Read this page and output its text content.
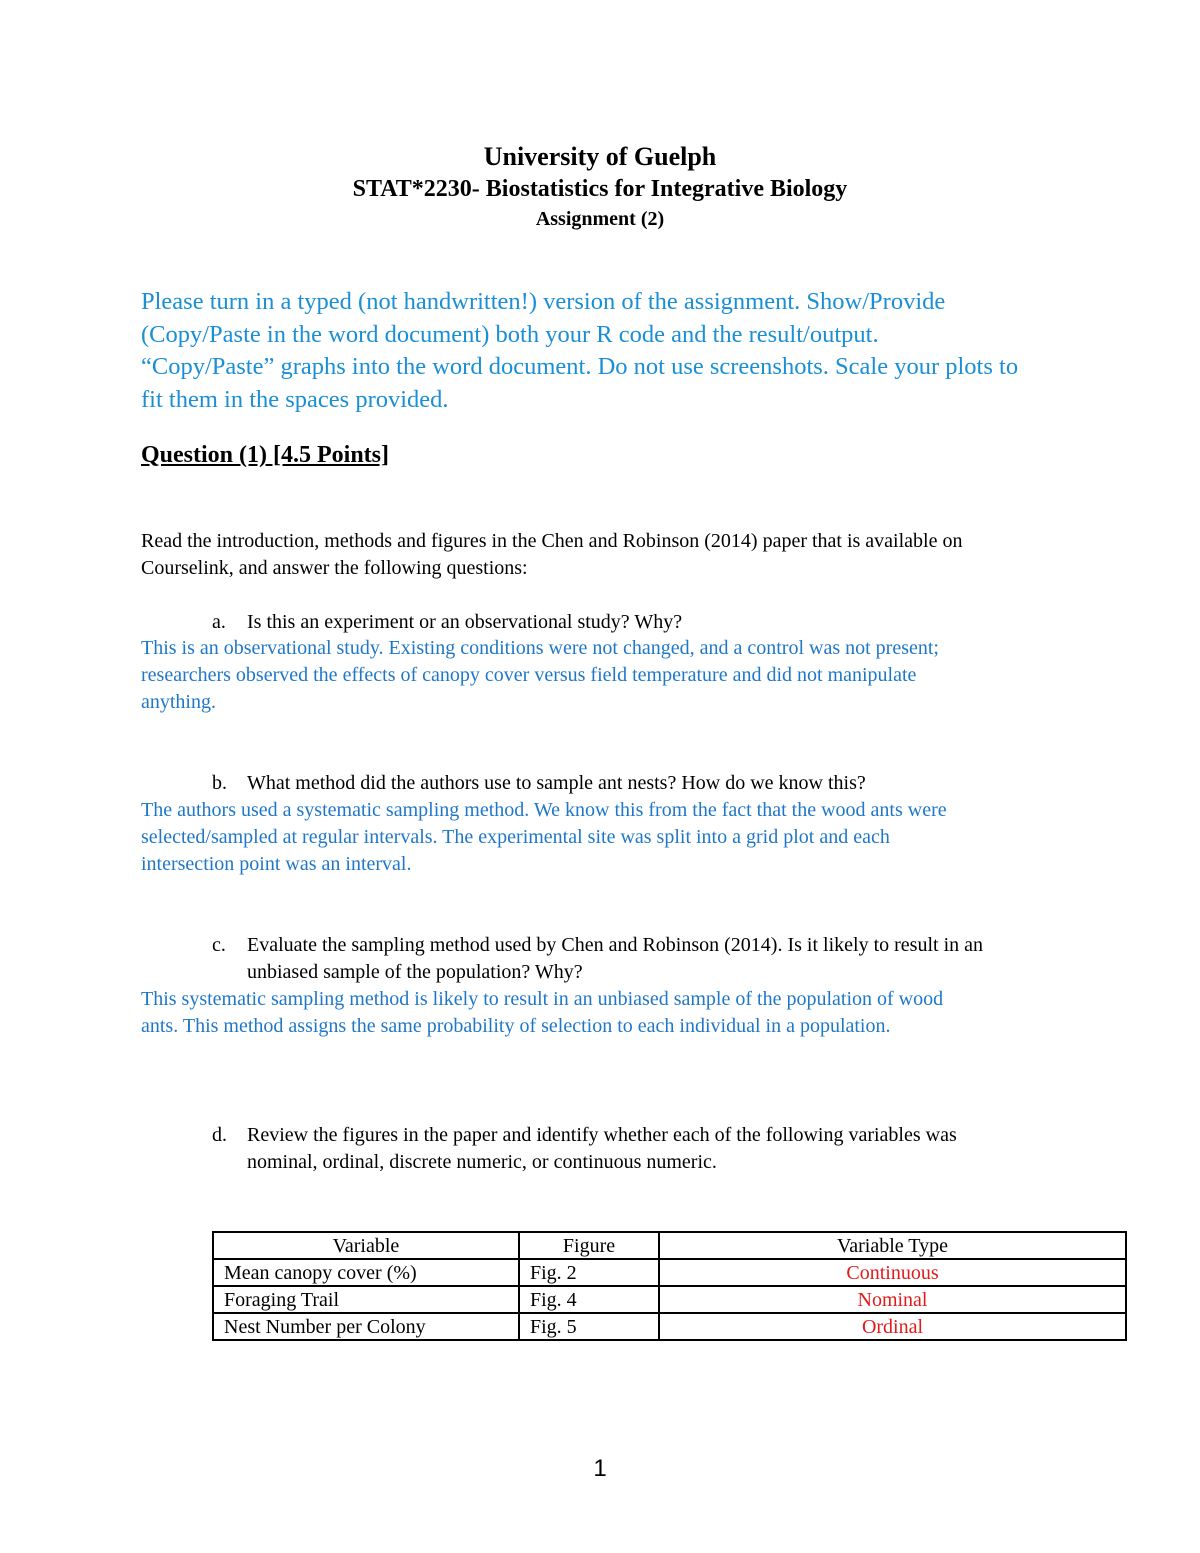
University of Guelph
STAT*2230- Biostatistics for Integrative Biology
Assignment (2)
Please turn in a typed (not handwritten!) version of the assignment. Show/Provide
(Copy/Paste in the word document) both your R code and the result/output.
“Copy/Paste” graphs into the word document. Do not use screenshots. Scale your plots to
fit them in the spaces provided.
Question (1) [4.5 Points]
Read the introduction, methods and figures in the Chen and Robinson (2014) paper that is available on
Courselink, and answer the following questions:
a. Is this an experiment or an observational study? Why?
This is an observational study. Existing conditions were not changed, and a control was not present;
researchers observed the effects of canopy cover versus field temperature and did not manipulate
anything.
b. What method did the authors use to sample ant nests? How do we know this?
The authors used a systematic sampling method. We know this from the fact that the wood ants were
selected/sampled at regular intervals. The experimental site was split into a grid plot and each
intersection point was an interval.
c. Evaluate the sampling method used by Chen and Robinson (2014). Is it likely to result in an
unbiased sample of the population? Why?
This systematic sampling method is likely to result in an unbiased sample of the population of wood
ants. This method assigns the same probability of selection to each individual in a population.
d. Review the figures in the paper and identify whether each of the following variables was
nominal, ordinal, discrete numeric, or continuous numeric.
Variable	Figure	Variable Type
Mean canopy cover (%)	Fig. 2	Continuous
Foraging Trail	Fig. 4	Nominal
Nest Number per Colony	Fig. 5	Ordinal
1
